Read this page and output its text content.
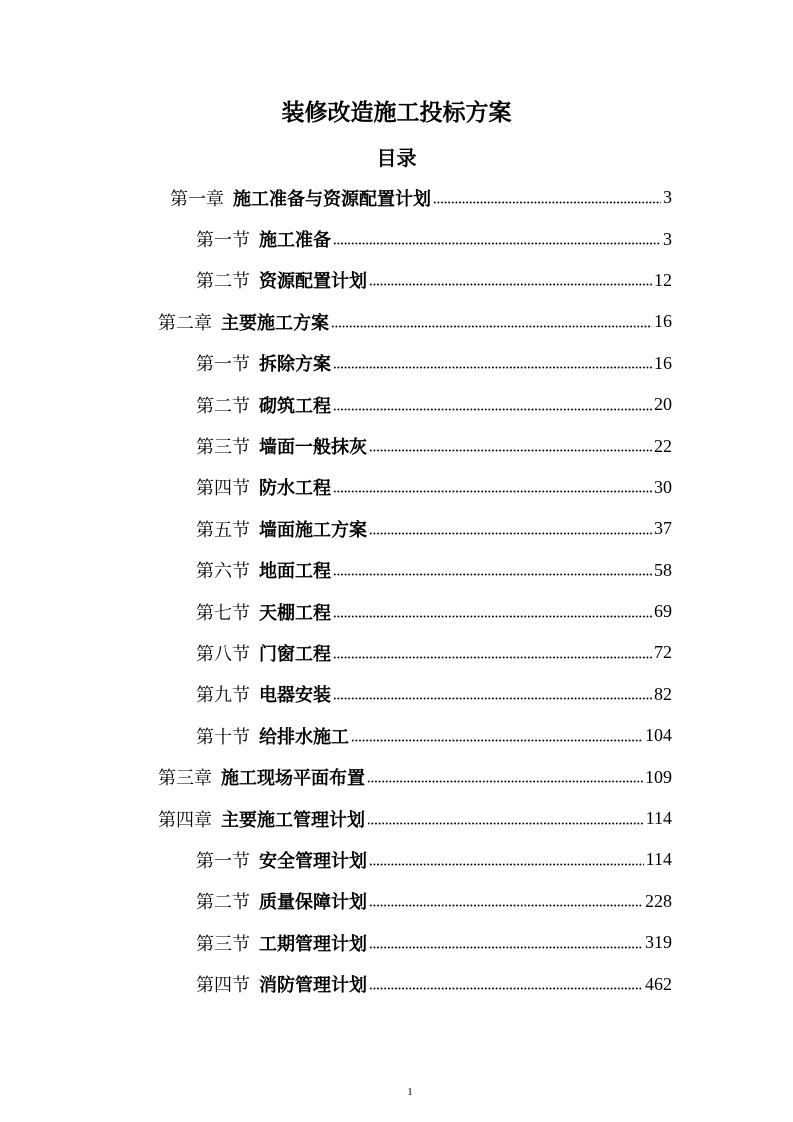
装修改造施工投标方案
目录
第一章 施工准备与资源配置计划	3
第一节 施工准备	3
第二节 资源配置计划	12
第二章 主要施工方案	16
第一节 拆除方案	16
第二节 砌筑工程	20
第三节 墙面一般抹灰	22
第四节 防水工程	30
第五节 墙面施工方案	37
第六节 地面工程	58
第七节 天棚工程	69
第八节 门窗工程	72
第九节 电器安装	82
第十节 给排水施工	104
第三章 施工现场平面布置	109
第四章 主要施工管理计划	114
第一节 安全管理计划	114
第二节 质量保障计划	228
第三节 工期管理计划	319
第四节 消防管理计划	462
1
